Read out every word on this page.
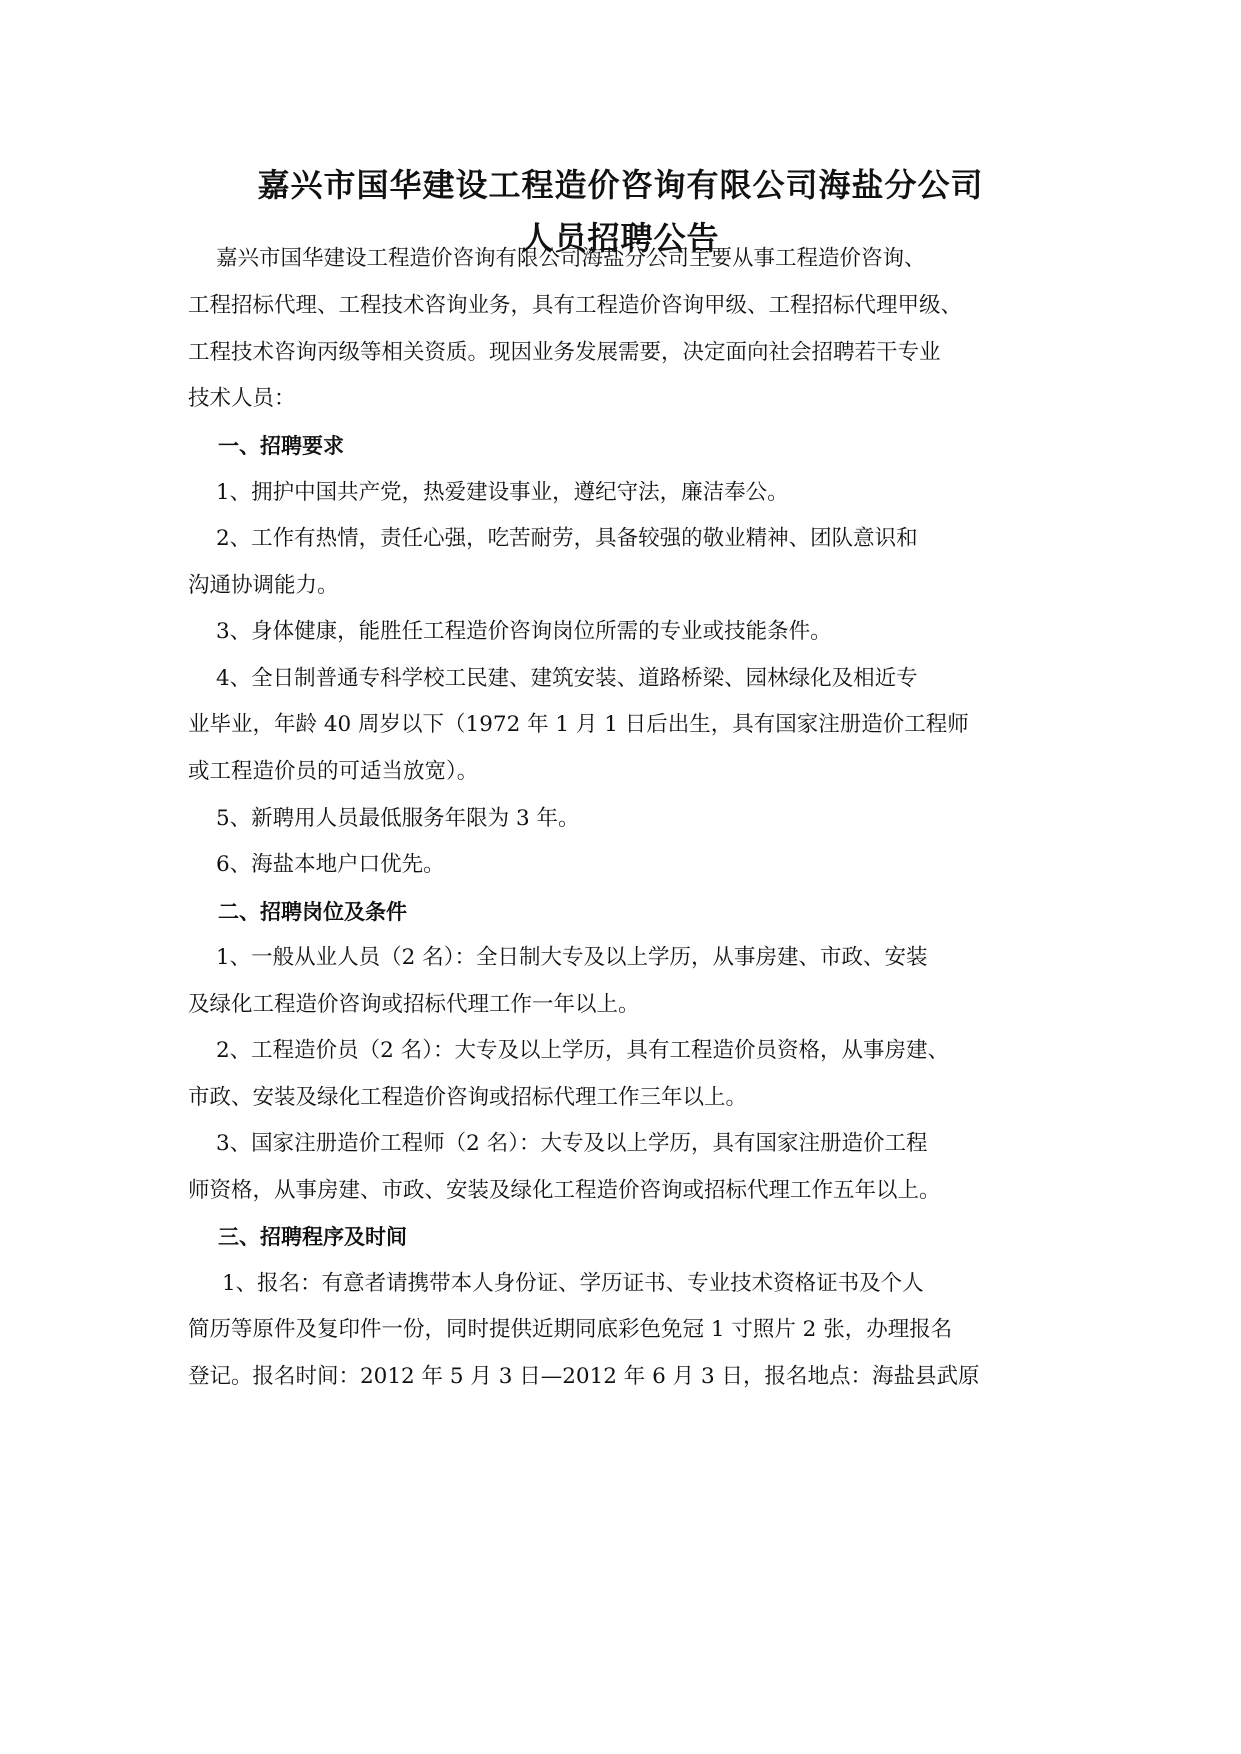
嘉兴市国华建设工程造价咨询有限公司海盐分公司
人员招聘公告
嘉兴市国华建设工程造价咨询有限公司海盐分公司主要从事工程造价咨询、
工程招标代理、工程技术咨询业务，具有工程造价咨询甲级、工程招标代理甲级、
工程技术咨询丙级等相关资质。现因业务发展需要，决定面向社会招聘若干专业
技术人员：
一、招聘要求
1、拥护中国共产党，热爱建设事业，遵纪守法，廉洁奉公。
2、工作有热情，责任心强，吃苦耐劳，具备较强的敬业精神、团队意识和
沟通协调能力。
3、身体健康，能胜任工程造价咨询岗位所需的专业或技能条件。
4、全日制普通专科学校工民建、建筑安装、道路桥梁、园林绿化及相近专
业毕业，年龄 40 周岁以下（1972 年 1 月 1 日后出生，具有国家注册造价工程师
或工程造价员的可适当放宽）。
5、新聘用人员最低服务年限为 3 年。
6、海盐本地户口优先。
二、招聘岗位及条件
1、一般从业人员（2 名）：全日制大专及以上学历，从事房建、市政、安装
及绿化工程造价咨询或招标代理工作一年以上。
2、工程造价员（2 名）：大专及以上学历，具有工程造价员资格，从事房建、
市政、安装及绿化工程造价咨询或招标代理工作三年以上。
3、国家注册造价工程师（2 名）：大专及以上学历，具有国家注册造价工程
师资格，从事房建、市政、安装及绿化工程造价咨询或招标代理工作五年以上。
三、招聘程序及时间
1、报名：有意者请携带本人身份证、学历证书、专业技术资格证书及个人
简历等原件及复印件一份，同时提供近期同底彩色免冠 1 寸照片 2 张，办理报名
登记。报名时间：2012 年 5 月 3 日—2012 年 6 月 3 日，报名地点：海盐县武原
